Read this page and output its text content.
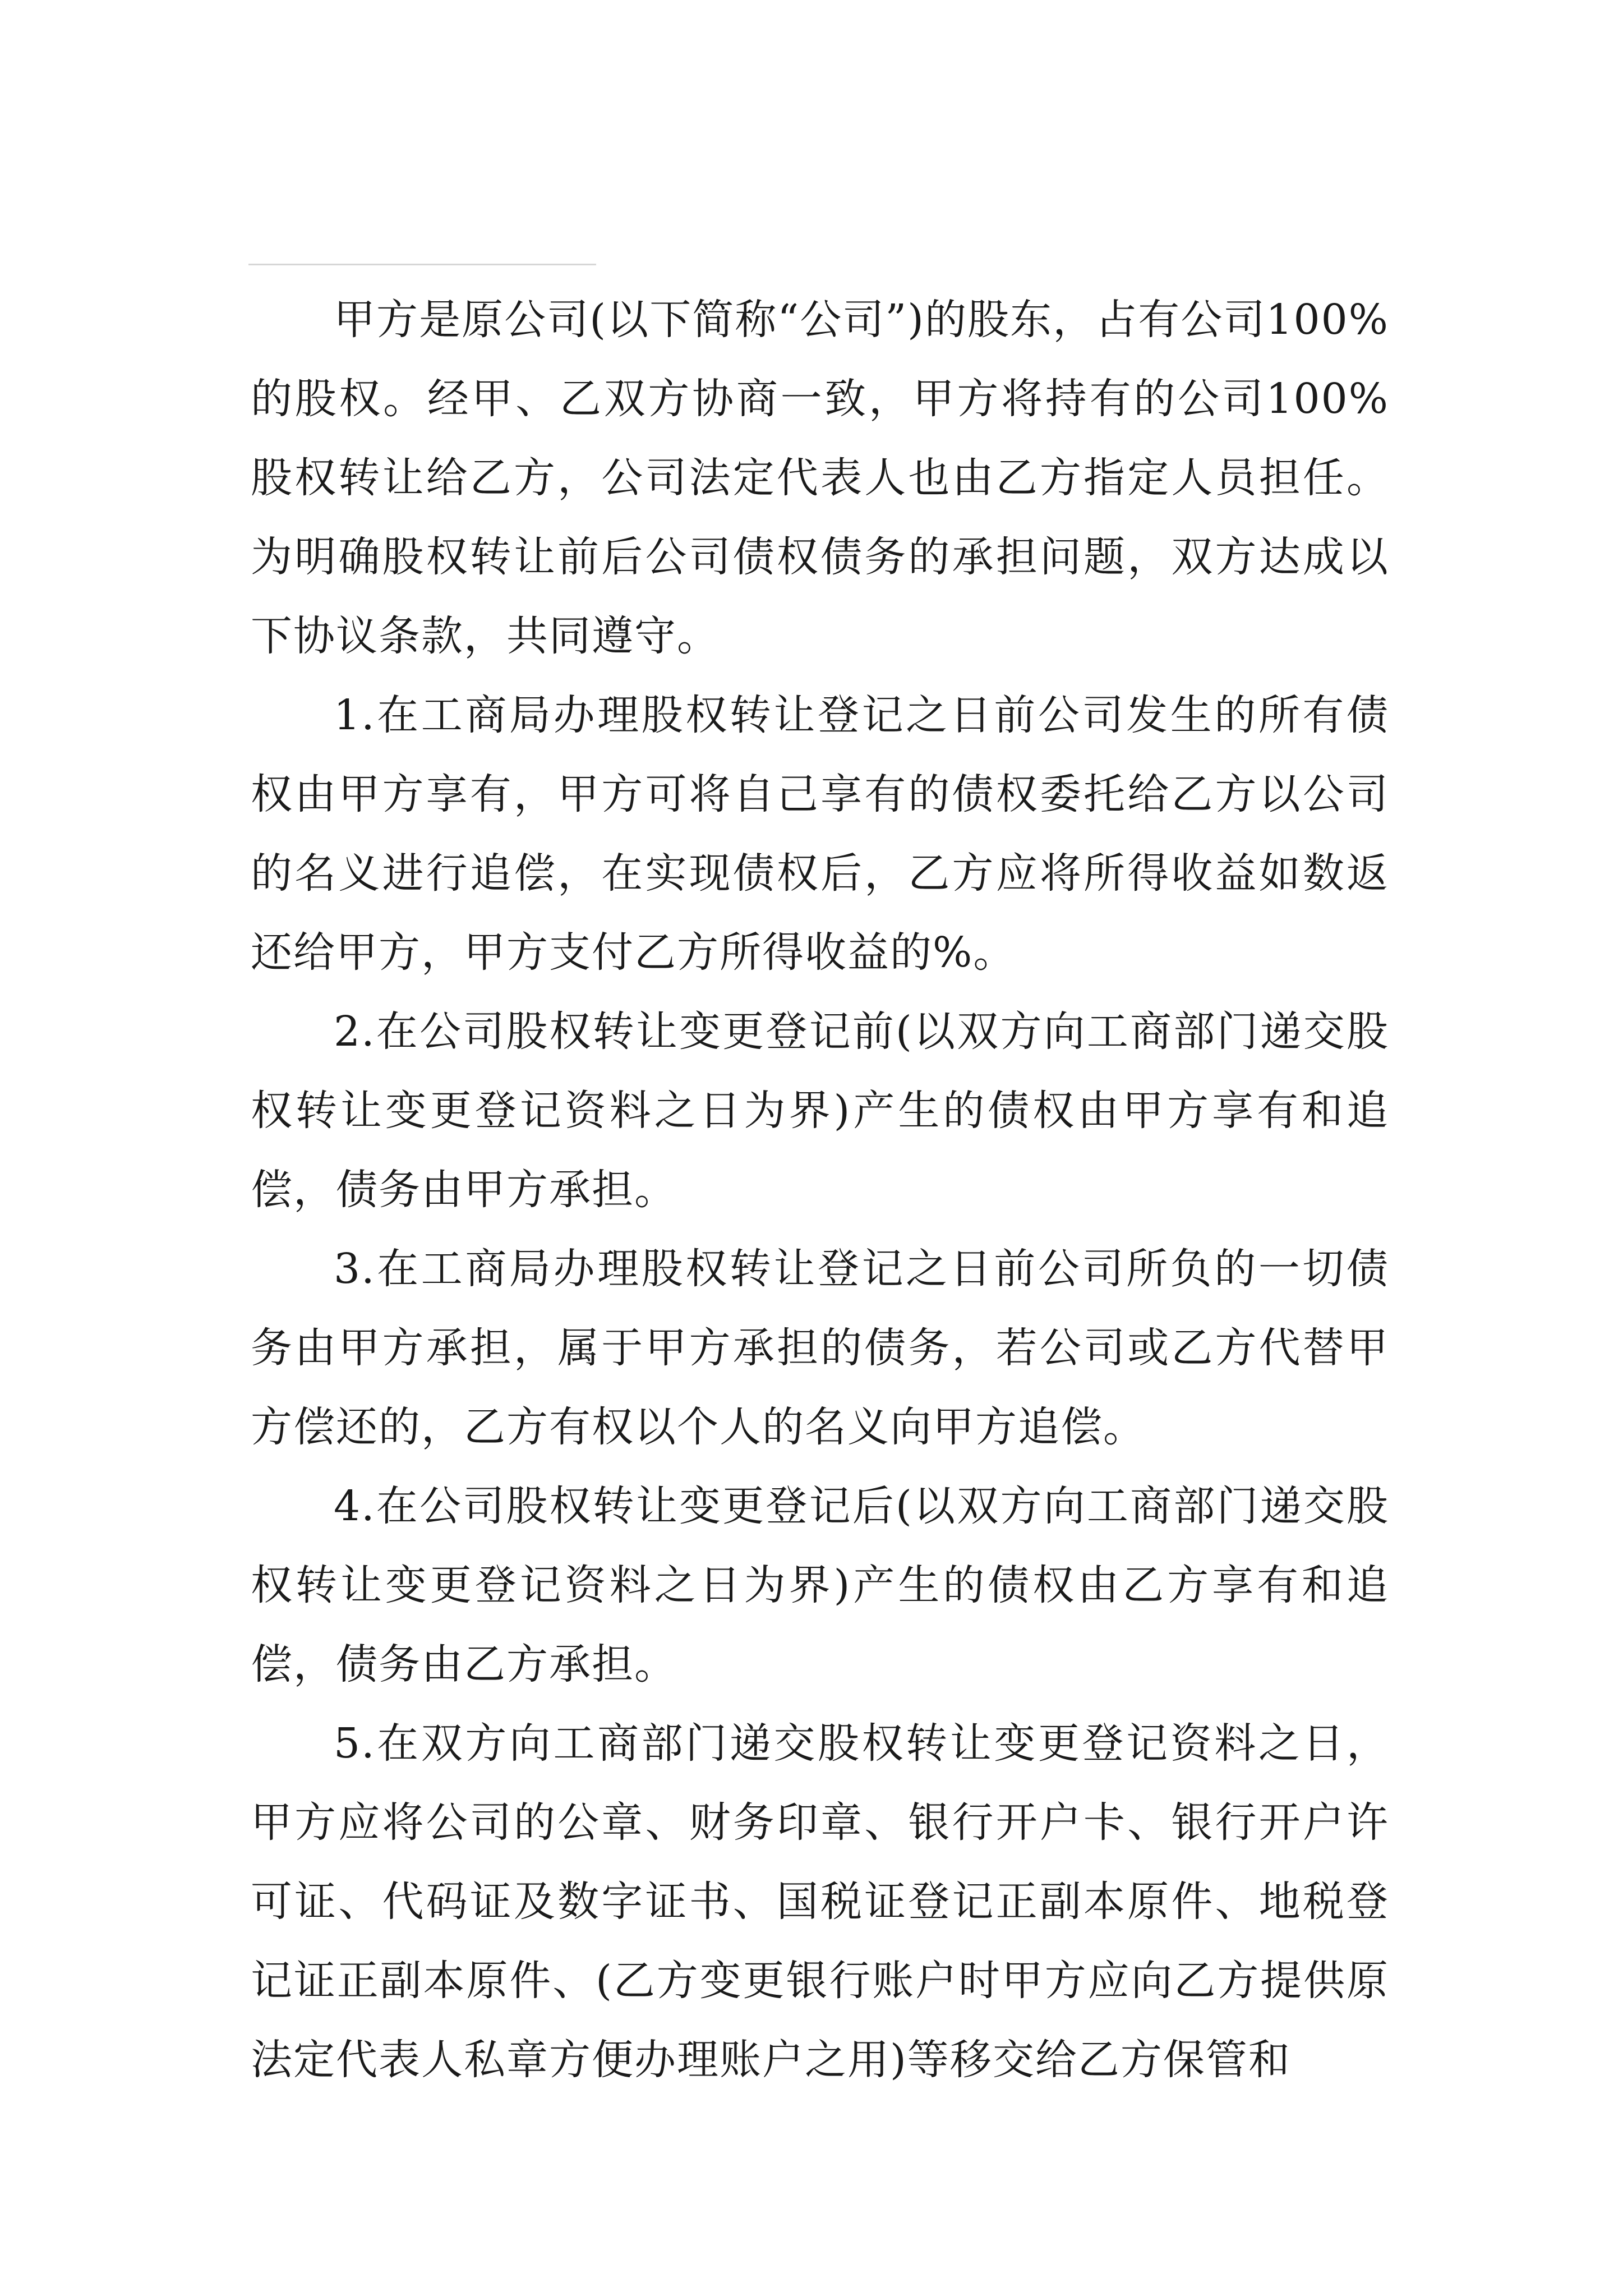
甲方是原公司(以下简称“公司”)的股东，占有公司100%的股权。经甲、乙双方协商一致，甲方将持有的公司100%股权转让给乙方，公司法定代表人也由乙方指定人员担任。为明确股权转让前后公司债权债务的承担问题，双方达成以下协议条款，共同遵守。

1.在工商局办理股权转让登记之日前公司发生的所有债权由甲方享有，甲方可将自己享有的债权委托给乙方以公司的名义进行追偿，在实现债权后，乙方应将所得收益如数返还给甲方，甲方支付乙方所得收益的%。

2.在公司股权转让变更登记前(以双方向工商部门递交股权转让变更登记资料之日为界)产生的债权由甲方享有和追偿，债务由甲方承担。

3.在工商局办理股权转让登记之日前公司所负的一切债务由甲方承担，属于甲方承担的债务，若公司或乙方代替甲方偿还的，乙方有权以个人的名义向甲方追偿。

4.在公司股权转让变更登记后(以双方向工商部门递交股权转让变更登记资料之日为界)产生的债权由乙方享有和追偿，债务由乙方承担。

5.在双方向工商部门递交股权转让变更登记资料之日，甲方应将公司的公章、财务印章、银行开户卡、银行开户许可证、代码证及数字证书、国税证登记正副本原件、地税登记证正副本原件、(乙方变更银行账户时甲方应向乙方提供原法定代表人私章方便办理账户之用)等移交给乙方保管和
